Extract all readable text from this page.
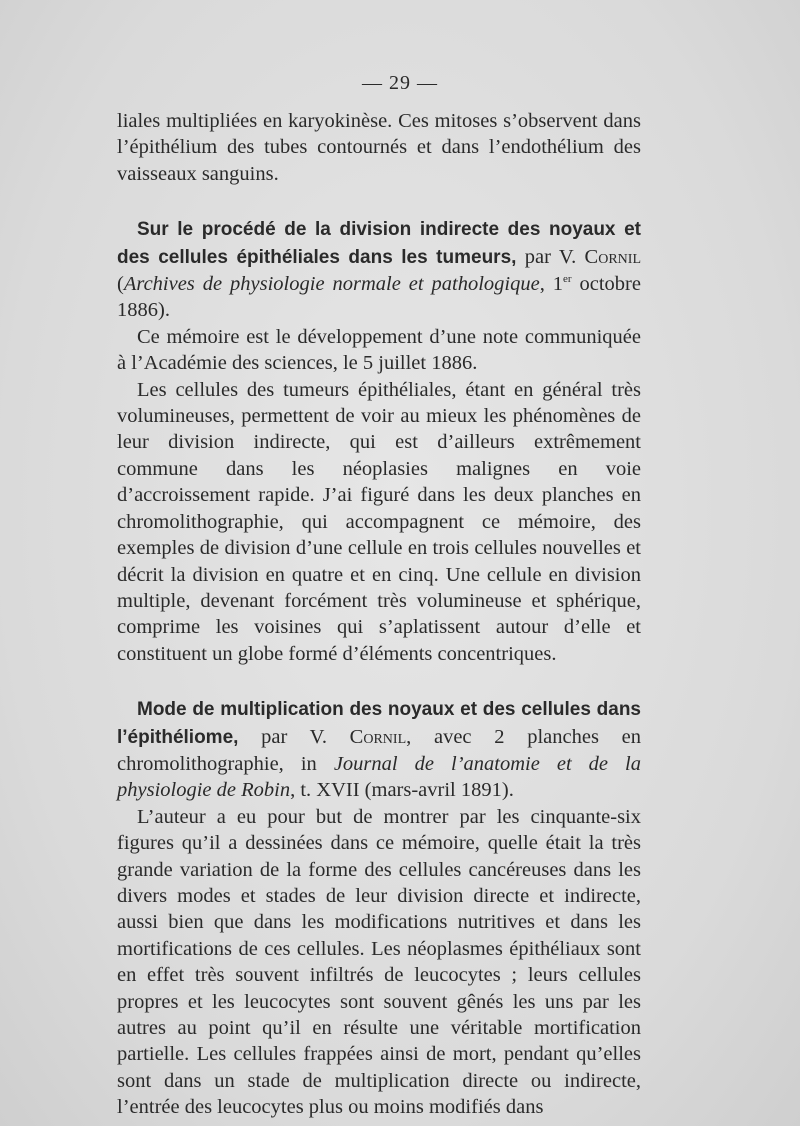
— 29 —

liales multipliées en karyokinèse. Ces mitoses s’observent dans l’épithélium des tubes contournés et dans l’endothélium des vaisseaux sanguins.

Sur le procédé de la division indirecte des noyaux et des cellules épithéliales dans les tumeurs, par V. Cornil (Archives de physiologie normale et pathologique, 1er octobre 1886).

Ce mémoire est le développement d’une note communiquée à l’Académie des sciences, le 5 juillet 1886.

Les cellules des tumeurs épithéliales, étant en général très volumineuses, permettent de voir au mieux les phénomènes de leur division indirecte, qui est d’ailleurs extrêmement commune dans les néoplasies malignes en voie d’accroissement rapide. J’ai figuré dans les deux planches en chromolithographie, qui accompagnent ce mémoire, des exemples de division d’une cellule en trois cellules nouvelles et décrit la division en quatre et en cinq. Une cellule en division multiple, devenant forcément très volumineuse et sphérique, comprime les voisines qui s’aplatissent autour d’elle et constituent un globe formé d’éléments concentriques.

Mode de multiplication des noyaux et des cellules dans l’épithéliome, par V. Cornil, avec 2 planches en chromolithographie, in Journal de l’anatomie et de la physiologie de Robin, t. XVII (mars-avril 1891).

L’auteur a eu pour but de montrer par les cinquante-six figures qu’il a dessinées dans ce mémoire, quelle était la très grande variation de la forme des cellules cancéreuses dans les divers modes et stades de leur division directe et indirecte, aussi bien que dans les modifications nutritives et dans les mortifications de ces cellules. Les néoplasmes épithéliaux sont en effet très souvent infiltrés de leucocytes ; leurs cellules propres et les leucocytes sont souvent gênés les uns par les autres au point qu’il en résulte une véritable mortification partielle. Les cellules frappées ainsi de mort, pendant qu’elles sont dans un stade de multiplication directe ou indirecte, l’entrée des leucocytes plus ou moins modifiés dans
